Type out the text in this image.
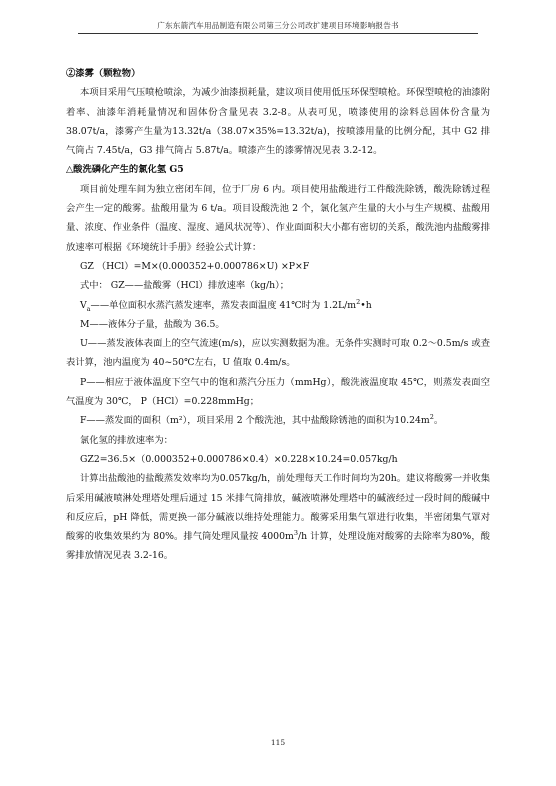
广东东箭汽车用品制造有限公司第三分公司改扩建项目环境影响报告书

②漆雾（颗粒物）

本项目采用气压喷枪喷涂，为减少油漆损耗量，建议项目使用低压环保型喷枪。环保型喷枪的油漆附着率、油漆年消耗量情况和固体份含量见表 3.2-8。从表可见，喷漆使用的涂料总固体份含量为38.07t/a，漆雾产生量为13.32t/a（38.07×35%=13.32t/a)，按喷漆用量的比例分配，其中 G2 排气筒占 7.45t/a，G3 排气筒占 5.87t/a。喷漆产生的漆雾情况见表 3.2-12。

△酸洗磷化产生的氯化氢 G5

项目前处理车间为独立密闭车间，位于厂房 6 内。项目使用盐酸进行工件酸洗除锈，酸洗除锈过程会产生一定的酸雾。盐酸用量为 6 t/a。项目设酸洗池 2 个，氯化氢产生量的大小与生产规模、盐酸用量、浓度、作业条件（温度、湿度、通风状况等）、作业面面积大小都有密切的关系，酸洗池内盐酸雾排放速率可根据《环境统计手册》经验公式计算：

GZ （HCl）=M×(0.000352+0.000786×U) ×P×F

式中： GZ——盐酸雾（HCl）排放速率（kg/h）；

$V_a——$单位面积水蒸汽蒸发速率，蒸发表面温度 41℃时为 $1.2L/m^2•h$

M——液体分子量，盐酸为 36.5。

U——蒸发液体表面上的空气流速(m/s)，应以实测数据为准。无条件实测时可取 0.2～0.5m/s 或查表计算，池内温度为 40~50℃左右，U 值取 0.4m/s。

P——相应于液体温度下空气中的饱和蒸汽分压力（mmHg），酸洗液温度取 45℃，则蒸发表面空气温度为 30℃， P（HCl）=0.228mmHg；

F——蒸发面的面积（m²），项目采用 2 个酸洗池，其中盐酸除锈池的面积为$10.24m^2$。

氯化氢的排放速率为：

GZ2=36.5×（0.000352+0.000786×0.4）×0.228×10.24=0.057kg/h

计算出盐酸池的盐酸蒸发效率均为0.057kg/h，前处理每天工作时间均为20h。建议将酸雾一并收集后采用碱液喷淋处理塔处理后通过 15 米排气筒排放，碱液喷淋处理塔中的碱液经过一段时间的酸碱中和反应后，pH 降低，需更换一部分碱液以维持处理能力。酸雾采用集气罩进行收集，半密闭集气罩对酸雾的收集效果约为 80%。排气筒处理风量按 $4000m^3/h$ 计算，处理设施对酸雾的去除率为80%，酸雾排放情况见表 3.2-16。

115
